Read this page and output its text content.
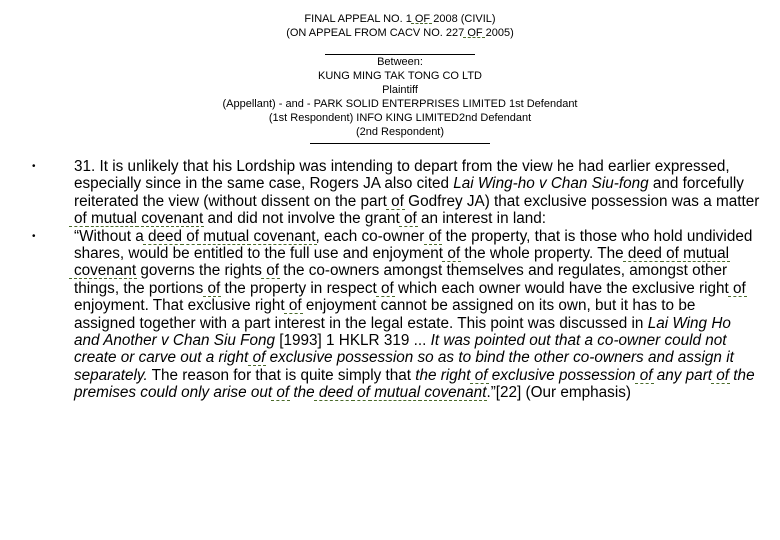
FINAL APPEAL NO. 1 OF 2008 (CIVIL)
(ON APPEAL FROM CACV NO. 227 OF 2005)
Between:
KUNG MING TAK TONG CO LTD
Plaintiff
(Appellant) - and - PARK SOLID ENTERPRISES LIMITED 1st Defendant
(1st Respondent) INFO KING LIMITED2nd Defendant
(2nd Respondent)
•	31. It is unlikely that his Lordship was intending to depart from the view he had earlier expressed, especially since in the same case, Rogers JA also cited Lai Wing-ho v Chan Siu-fong and forcefully reiterated the view (without dissent on the part of Godfrey JA) that exclusive possession was a matter of mutual covenant and did not involve the grant of an interest in land:
•	“Without a deed of mutual covenant, each co-owner of the property, that is those who hold undivided shares, would be entitled to the full use and enjoyment of the whole property. The deed of mutual covenant governs the rights of the co-owners amongst themselves and regulates, amongst other things, the portions of the property in respect of which each owner would have the exclusive right of enjoyment. That exclusive right of enjoyment cannot be assigned on its own, but it has to be assigned together with a part interest in the legal estate. This point was discussed in Lai Wing Ho and Another v Chan Siu Fong [1993] 1 HKLR 319 ... It was pointed out that a co-owner could not create or carve out a right of exclusive possession so as to bind the other co-owners and assign it separately. The reason for that is quite simply that the right of exclusive possession of any part of the premises could only arise out of the deed of mutual covenant.”[22] (Our emphasis)
